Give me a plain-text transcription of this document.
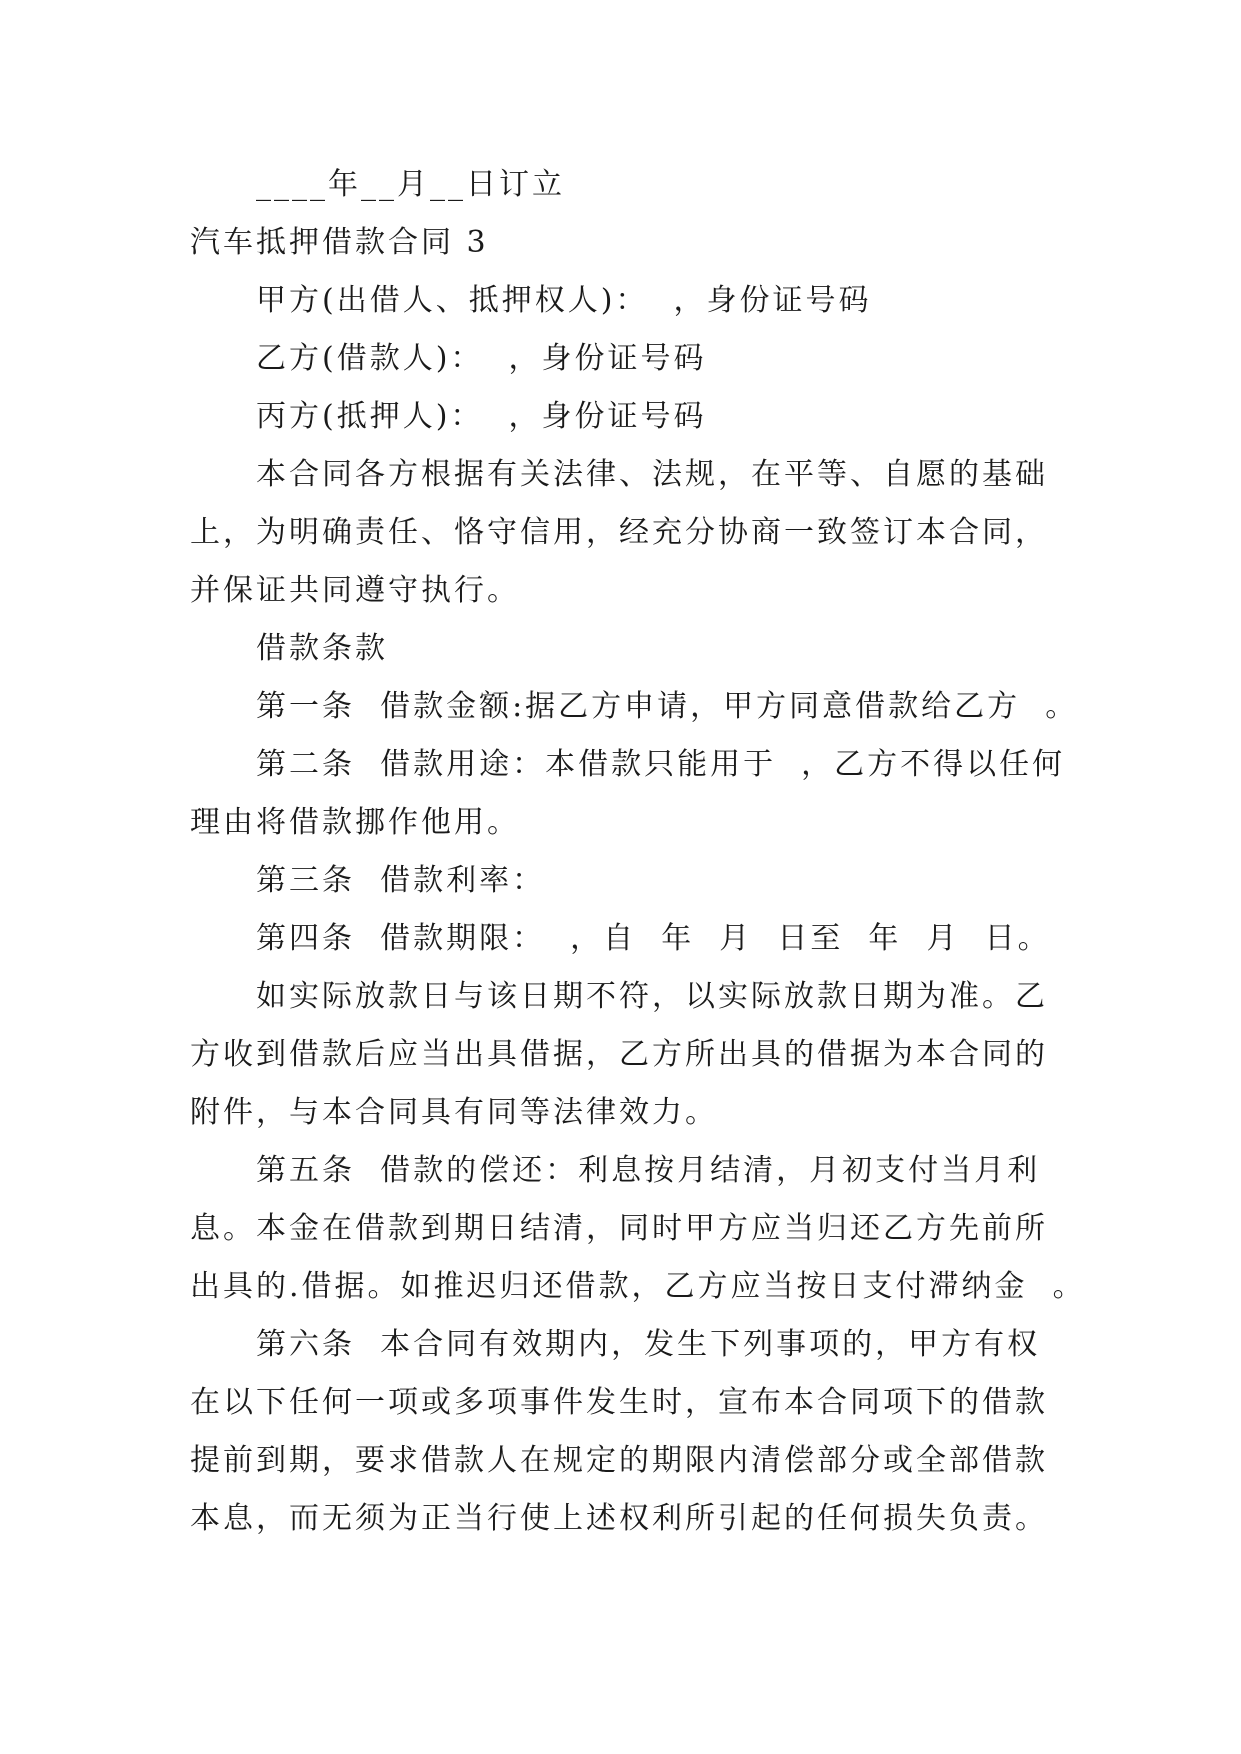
____年__月__日订立
汽车抵押借款合同 3
甲方(出借人、抵押权人)：  ，身份证号码
乙方(借款人)：  ，身份证号码
丙方(抵押人)：  ，身份证号码
本合同各方根据有关法律、法规，在平等、自愿的基础
上，为明确责任、恪守信用，经充分协商一致签订本合同，
并保证共同遵守执行。
借款条款
第一条  借款金额:据乙方申请，甲方同意借款给乙方  。
第二条  借款用途：本借款只能用于  ，乙方不得以任何
理由将借款挪作他用。
第三条  借款利率：
第四条  借款期限：  ，自  年  月  日至  年  月  日。
如实际放款日与该日期不符，以实际放款日期为准。乙
方收到借款后应当出具借据，乙方所出具的借据为本合同的
附件，与本合同具有同等法律效力。
第五条  借款的偿还：利息按月结清，月初支付当月利
息。本金在借款到期日结清，同时甲方应当归还乙方先前所
出具的.借据。如推迟归还借款，乙方应当按日支付滞纳金  。
第六条  本合同有效期内，发生下列事项的，甲方有权
在以下任何一项或多项事件发生时，宣布本合同项下的借款
提前到期，要求借款人在规定的期限内清偿部分或全部借款
本息，而无须为正当行使上述权利所引起的任何损失负责。
